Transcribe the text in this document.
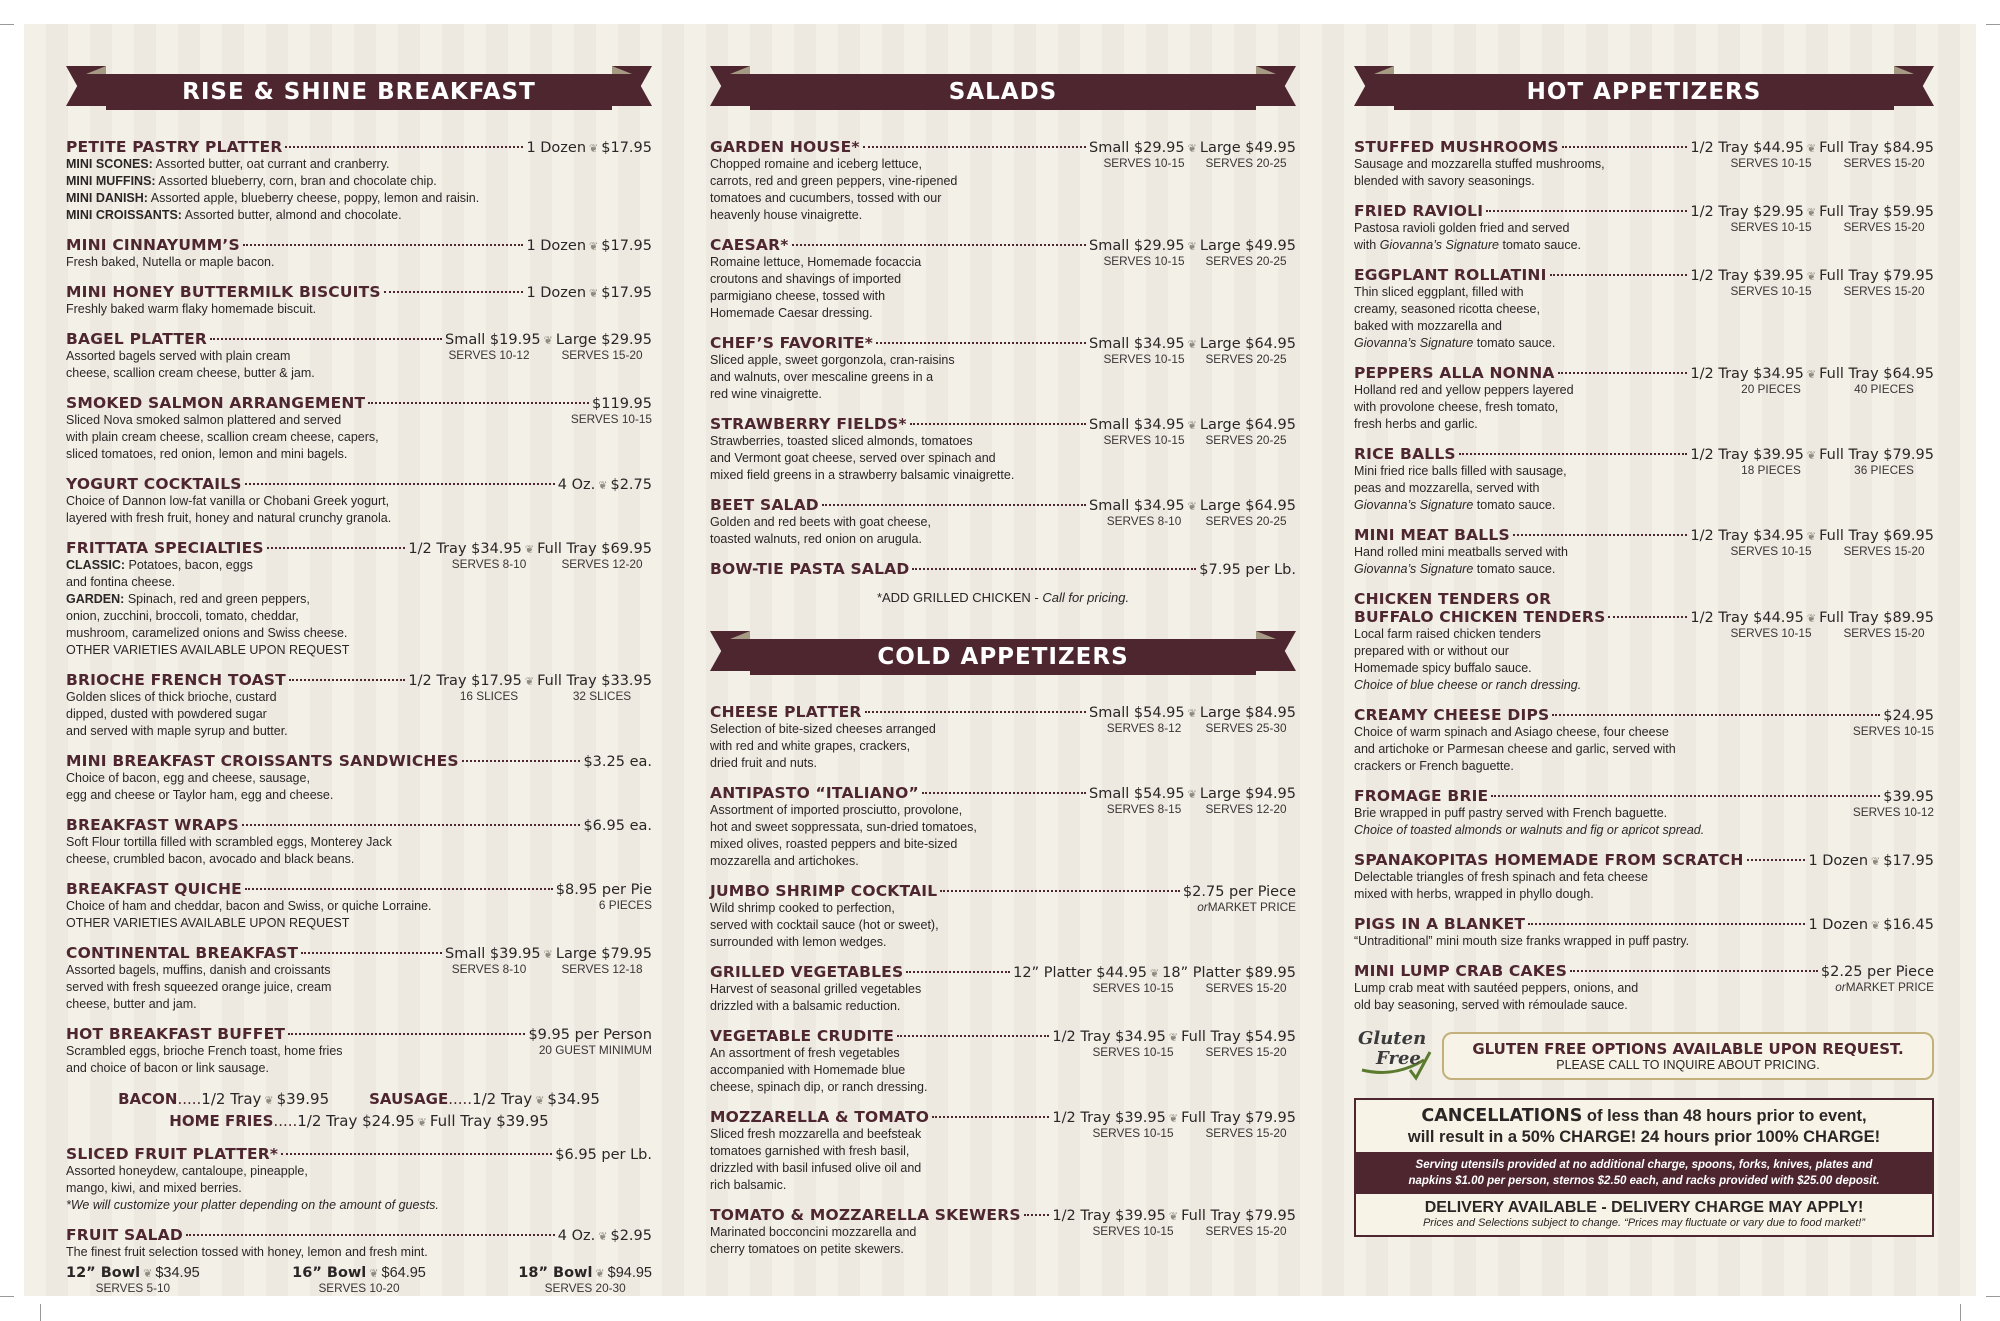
RISE & SHINE BREAKFAST
PETITE PASTRY PLATTER	1 Dozen ❦ $17.95

MINI SCONES: Assorted butter, oat currant and cranberry.

MINI MUFFINS: Assorted blueberry, corn, bran and chocolate chip.

MINI DANISH: Assorted apple, blueberry cheese, poppy, lemon and raisin.

MINI CROISSANTS: Assorted butter, almond and chocolate.

MINI CINNAYUMM’S	1 Dozen ❦ $17.95

Fresh baked, Nutella or maple bacon.

MINI HONEY BUTTERMILK BISCUITS	1 Dozen ❦ $17.95

Freshly baked warm flaky homemade biscuit.

BAGEL PLATTER	Small $19.95 ❦ Large $29.95

Assorted bagels served with plain cream

cheese, scallion cream cheese, butter & jam.

SERVES 10-12	SERVES 15-20
SMOKED SALMON ARRANGEMENT	$119.95

Sliced Nova smoked salmon plattered and served

with plain cream cheese, scallion cream cheese, capers,

sliced tomatoes, red onion, lemon and mini bagels.

SERVES 10-15
YOGURT COCKTAILS	4 Oz. ❦ $2.75

Choice of Dannon low-fat vanilla or Chobani Greek yogurt,

layered with fresh fruit, honey and natural crunchy granola.

FRITTATA SPECIALTIES	1/2 Tray $34.95 ❦ Full Tray $69.95

CLASSIC: Potatoes, bacon, eggs

and fontina cheese.

GARDEN: Spinach, red and green peppers,

onion, zucchini, broccoli, tomato, cheddar,

mushroom, caramelized onions and Swiss cheese.

OTHER VARIETIES AVAILABLE UPON REQUEST

SERVES 8-10	SERVES 12-20
BRIOCHE FRENCH TOAST	1/2 Tray $17.95 ❦ Full Tray $33.95

Golden slices of thick brioche, custard

dipped, dusted with powdered sugar

and served with maple syrup and butter.

16 SLICES	32 SLICES
MINI BREAKFAST CROISSANTS SANDWICHES	$3.25 ea.

Choice of bacon, egg and cheese, sausage,

egg and cheese or Taylor ham, egg and cheese.

BREAKFAST WRAPS	$6.95 ea.

Soft Flour tortilla filled with scrambled eggs, Monterey Jack

cheese, crumbled bacon, avocado and black beans.

BREAKFAST QUICHE	$8.95 per Pie

Choice of ham and cheddar, bacon and Swiss, or quiche Lorraine.

OTHER VARIETIES AVAILABLE UPON REQUEST

6 PIECES
CONTINENTAL BREAKFAST	Small $39.95 ❦ Large $79.95

Assorted bagels, muffins, danish and croissants

served with fresh squeezed orange juice, cream

cheese, butter and jam.

SERVES 8-10	SERVES 12-18
HOT BREAKFAST BUFFET	$9.95 per Person

Scrambled eggs, brioche French toast, home fries

and choice of bacon or link sausage.

20 GUEST MINIMUM
BACON.....1/2 Tray ❦ $39.95	SAUSAGE.....1/2 Tray ❦ $34.95
HOME FRIES.....1/2 Tray $24.95 ❦ Full Tray $39.95
SLICED FRUIT PLATTER*	$6.95 per Lb.

Assorted honeydew, cantaloupe, pineapple,

mango, kiwi, and mixed berries.

*We will customize your platter depending on the amount of guests.

FRUIT SALAD	4 Oz. ❦ $2.95

The finest fruit selection tossed with honey, lemon and fresh mint.

12” Bowl ❦ $34.95
SERVES 5-10
16” Bowl ❦ $64.95
SERVES 10-20
18” Bowl ❦ $94.95
SERVES 20-30
SALADS
GARDEN HOUSE*	Small $29.95 ❦ Large $49.95

Chopped romaine and iceberg lettuce,

carrots, red and green peppers, vine-ripened

tomatoes and cucumbers, tossed with our

heavenly house vinaigrette.

SERVES 10-15	SERVES 20-25
CAESAR*	Small $29.95 ❦ Large $49.95

Romaine lettuce, Homemade focaccia

croutons and shavings of imported

parmigiano cheese, tossed with

Homemade Caesar dressing.

SERVES 10-15	SERVES 20-25
CHEF’S FAVORITE*	Small $34.95 ❦ Large $64.95

Sliced apple, sweet gorgonzola, cran-raisins

and walnuts, over mescaline greens in a

red wine vinaigrette.

SERVES 10-15	SERVES 20-25
STRAWBERRY FIELDS*	Small $34.95 ❦ Large $64.95

Strawberries, toasted sliced almonds, tomatoes

and Vermont goat cheese, served over spinach and

mixed field greens in a strawberry balsamic vinaigrette.

SERVES 10-15	SERVES 20-25
BEET SALAD	Small $34.95 ❦ Large $64.95

Golden and red beets with goat cheese,

toasted walnuts, red onion on arugula.

SERVES 8-10	SERVES 20-25
BOW-TIE PASTA SALAD	$7.95 per Lb.
*ADD GRILLED CHICKEN - Call for pricing.
COLD APPETIZERS
CHEESE PLATTER	Small $54.95 ❦ Large $84.95

Selection of bite-sized cheeses arranged

with red and white grapes, crackers,

dried fruit and nuts.

SERVES 8-12	SERVES 25-30
ANTIPASTO “ITALIANO”	Small $54.95 ❦ Large $94.95

Assortment of imported prosciutto, provolone,

hot and sweet soppressata, sun-dried tomatoes,

mixed olives, roasted peppers and bite-sized

mozzarella and artichokes.

SERVES 8-15	SERVES 12-20
JUMBO SHRIMP COCKTAIL	$2.75 per Piece

Wild shrimp cooked to perfection,

served with cocktail sauce (hot or sweet),

surrounded with lemon wedges.

orMARKET PRICE
GRILLED VEGETABLES	12” Platter $44.95 ❦ 18” Platter $89.95

Harvest of seasonal grilled vegetables

drizzled with a balsamic reduction.

SERVES 10-15	SERVES 15-20
VEGETABLE CRUDITE	1/2 Tray $34.95 ❦ Full Tray $54.95

An assortment of fresh vegetables

accompanied with Homemade blue

cheese, spinach dip, or ranch dressing.

SERVES 10-15	SERVES 15-20
MOZZARELLA & TOMATO	1/2 Tray $39.95 ❦ Full Tray $79.95

Sliced fresh mozzarella and beefsteak

tomatoes garnished with fresh basil,

drizzled with basil infused olive oil and

rich balsamic.

SERVES 10-15	SERVES 15-20
TOMATO & MOZZARELLA SKEWERS 1/2 Tray $39.95 ❦ Full Tray $79.95

Marinated bocconcini mozzarella and

cherry tomatoes on petite skewers.

SERVES 10-15	SERVES 15-20
HOT APPETIZERS
STUFFED MUSHROOMS	1/2 Tray $44.95 ❦ Full Tray $84.95

Sausage and mozzarella stuffed mushrooms,

blended with savory seasonings.

SERVES 10-15	SERVES 15-20
FRIED RAVIOLI	1/2 Tray $29.95 ❦ Full Tray $59.95

Pastosa ravioli golden fried and served

with Giovanna’s Signature tomato sauce.

SERVES 10-15	SERVES 15-20
EGGPLANT ROLLATINI	1/2 Tray $39.95 ❦ Full Tray $79.95

Thin sliced eggplant, filled with

creamy, seasoned ricotta cheese,

baked with mozzarella and

Giovanna’s Signature tomato sauce.

SERVES 10-15	SERVES 15-20
PEPPERS ALLA NONNA	1/2 Tray $34.95 ❦ Full Tray $64.95

Holland red and yellow peppers layered

with provolone cheese, fresh tomato,

fresh herbs and garlic.

20 PIECES	40 PIECES
RICE BALLS	1/2 Tray $39.95 ❦ Full Tray $79.95

Mini fried rice balls filled with sausage,

peas and mozzarella, served with

Giovanna’s Signature tomato sauce.

18 PIECES	36 PIECES
MINI MEAT BALLS	1/2 Tray $34.95 ❦ Full Tray $69.95

Hand rolled mini meatballs served with

Giovanna’s Signature tomato sauce.

SERVES 10-15	SERVES 15-20
CHICKEN TENDERS OR
BUFFALO CHICKEN TENDERS	1/2 Tray $44.95 ❦ Full Tray $89.95

Local farm raised chicken tenders

prepared with or without our

Homemade spicy buffalo sauce.

Choice of blue cheese or ranch dressing.

SERVES 10-15	SERVES 15-20
CREAMY CHEESE DIPS	$24.95

Choice of warm spinach and Asiago cheese, four cheese

and artichoke or Parmesan cheese and garlic, served with

crackers or French baguette.

SERVES 10-15
FROMAGE BRIE	$39.95

Brie wrapped in puff pastry served with French baguette.

Choice of toasted almonds or walnuts and fig or apricot spread.

SERVES 10-12
SPANAKOPITAS HOMEMADE FROM SCRATCH	1 Dozen ❦ $17.95

Delectable triangles of fresh spinach and feta cheese

mixed with herbs, wrapped in phyllo dough.

PIGS IN A BLANKET	1 Dozen ❦ $16.45

“Untraditional” mini mouth size franks wrapped in puff pastry.

MINI LUMP CRAB CAKES	$2.25 per Piece

Lump crab meat with sautéed peppers, onions, and

old bay seasoning, served with rémoulade sauce.

orMARKET PRICE
Gluten
Free	GLUTEN FREE OPTIONS AVAILABLE UPON REQUEST.
PLEASE CALL TO INQUIRE ABOUT PRICING.
CANCELLATIONS of less than 48 hours prior to event,
will result in a 50% CHARGE! 24 hours prior 100% CHARGE!
Serving utensils provided at no additional charge, spoons, forks, knives, plates and
napkins $1.00 per person, sternos $2.50 each, and racks provided with $25.00 deposit.
DELIVERY AVAILABLE - DELIVERY CHARGE MAY APPLY!
Prices and Selections subject to change. “Prices may fluctuate or vary due to food market!”
